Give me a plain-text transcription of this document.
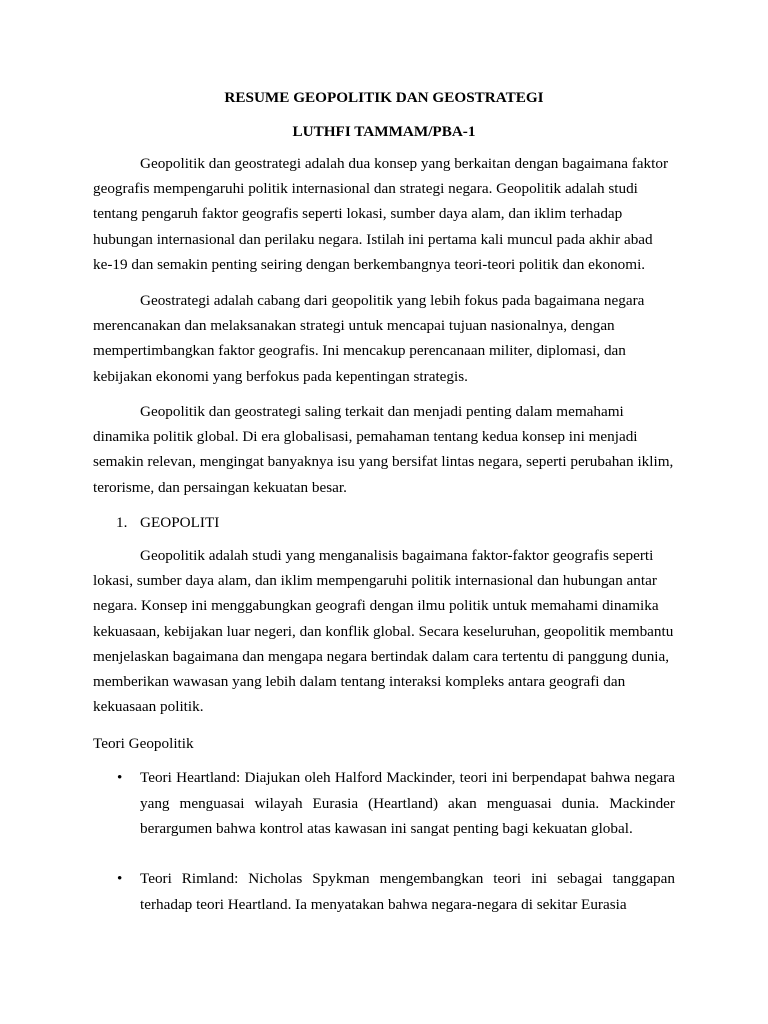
RESUME GEOPOLITIK DAN GEOSTRATEGI
LUTHFI TAMMAM/PBA-1

Geopolitik dan geostrategi adalah dua konsep yang berkaitan dengan bagaimana faktor geografis mempengaruhi politik internasional dan strategi negara. Geopolitik adalah studi tentang pengaruh faktor geografis seperti lokasi, sumber daya alam, dan iklim terhadap hubungan internasional dan perilaku negara. Istilah ini pertama kali muncul pada akhir abad ke-19 dan semakin penting seiring dengan berkembangnya teori-teori politik dan ekonomi.

Geostrategi adalah cabang dari geopolitik yang lebih fokus pada bagaimana negara merencanakan dan melaksanakan strategi untuk mencapai tujuan nasionalnya, dengan mempertimbangkan faktor geografis. Ini mencakup perencanaan militer, diplomasi, dan kebijakan ekonomi yang berfokus pada kepentingan strategis.

Geopolitik dan geostrategi saling terkait dan menjadi penting dalam memahami dinamika politik global. Di era globalisasi, pemahaman tentang kedua konsep ini menjadi semakin relevan, mengingat banyaknya isu yang bersifat lintas negara, seperti perubahan iklim, terorisme, dan persaingan kekuatan besar.

1. GEOPOLITI

Geopolitik adalah studi yang menganalisis bagaimana faktor-faktor geografis seperti lokasi, sumber daya alam, dan iklim mempengaruhi politik internasional dan hubungan antar negara. Konsep ini menggabungkan geografi dengan ilmu politik untuk memahami dinamika kekuasaan, kebijakan luar negeri, dan konflik global. Secara keseluruhan, geopolitik membantu menjelaskan bagaimana dan mengapa negara bertindak dalam cara tertentu di panggung dunia, memberikan wawasan yang lebih dalam tentang interaksi kompleks antara geografi dan kekuasaan politik.

Teori Geopolitik

• Teori Heartland: Diajukan oleh Halford Mackinder, teori ini berpendapat bahwa negara yang menguasai wilayah Eurasia (Heartland) akan menguasai dunia. Mackinder berargumen bahwa kontrol atas kawasan ini sangat penting bagi kekuatan global.
• Teori Rimland: Nicholas Spykman mengembangkan teori ini sebagai tanggapan terhadap teori Heartland. Ia menyatakan bahwa negara-negara di sekitar Eurasia
